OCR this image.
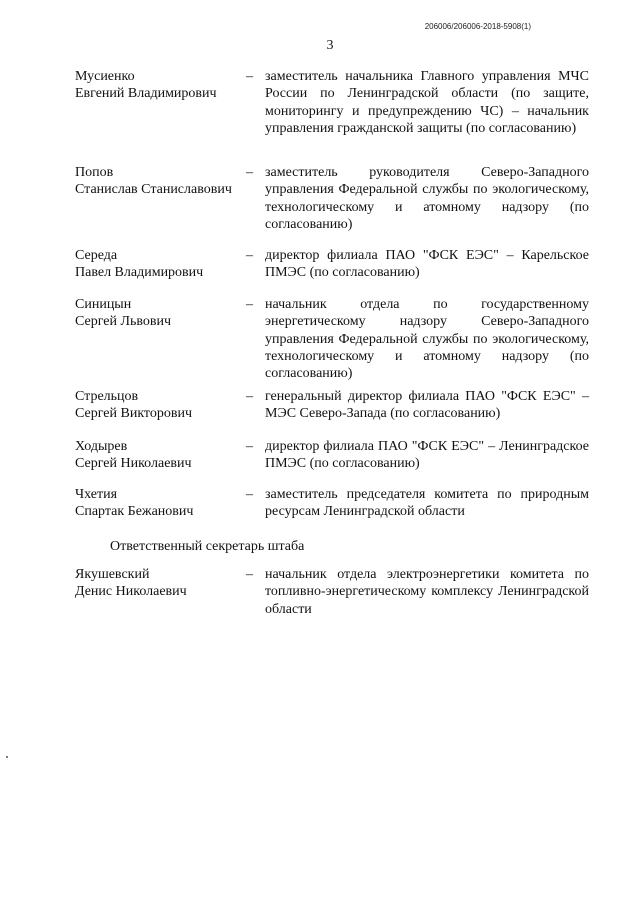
206006/206006-2018-5908(1)
3
Мусиенко
Евгений Владимирович
– заместитель начальника Главного управления МЧС России по Ленинградской области (по защите, мониторингу и предупреждению ЧС) – начальник управления гражданской защиты (по согласованию)
Попов
Станислав Станиславович
– заместитель руководителя Северо-Западного управления Федеральной службы по экологическому, технологическому и атомному надзору (по согласованию)
Середа
Павел Владимирович
– директор филиала ПАО "ФСК ЕЭС" – Карельское ПМЭС (по согласованию)
Синицын
Сергей Львович
– начальник отдела по государственному энергетическому надзору Северо-Западного управления Федеральной службы по экологическому, технологическому и атомному надзору (по согласованию)
Стрельцов
Сергей Викторович
– генеральный директор филиала ПАО "ФСК ЕЭС" – МЭС Северо-Запада (по согласованию)
Ходырев
Сергей Николаевич
– директор филиала ПАО "ФСК ЕЭС" – Ленинградское ПМЭС (по согласованию)
Чхетия
Спартак Бежанович
– заместитель председателя комитета по природным ресурсам Ленинградской области
Ответственный секретарь штаба
Якушевский
Денис Николаевич
– начальник отдела электроэнергетики комитета по топливно-энергетическому комплексу Ленинградской области
